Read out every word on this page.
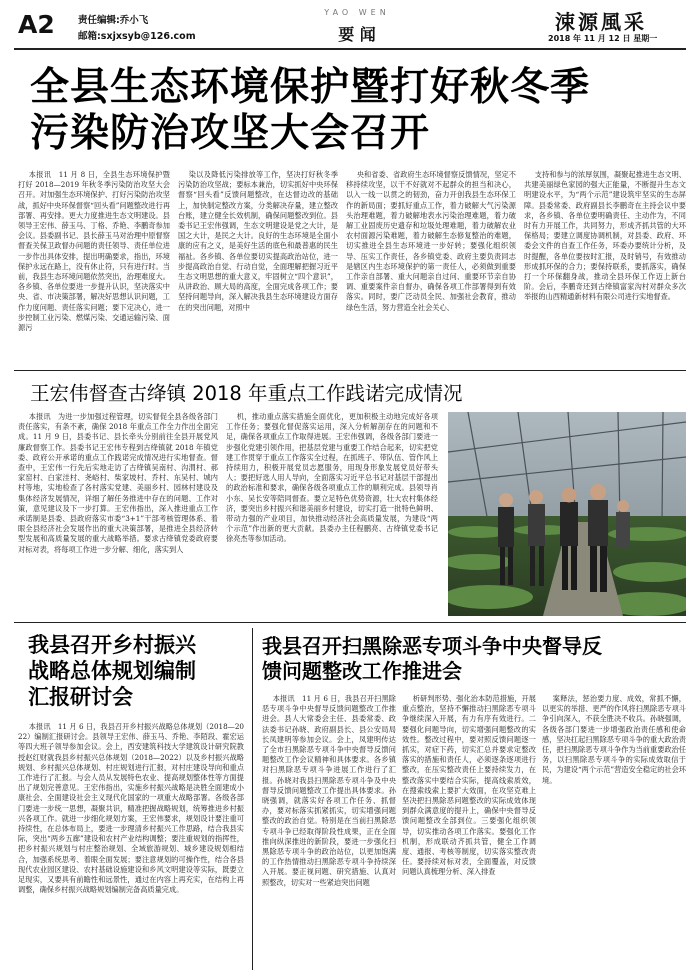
A2 责任编辑:乔小飞
邮箱:sxjxsyb@126.com
YAO WEN
要 闻
涑源風采
2018 年 11 月 12 日 星期一
全县生态环境保护暨打好秋冬季
污染防治攻坚大会召开

本报讯　11 月 8 日，全县生态环境保护暨打好 2018—2019 年秋冬季污染防治攻坚大会召开。对加强生态环境保护、打好污染防治攻坚战，抓好中央环保督察“回头看”问题整改进行再部署、再安排。更大力度推进生态文明建设。县领导王宏伟、薛玉马、丁格、乔艳、李鹏奇参加会议。县委副书记、县长薛玉马对治理中原督察督查关保卫政督办问题的责任领导、责任单位进一步作出具体安排，提出明确要求，指出，环境保护永远在路上，没有休止符，只有进行时。当前，我县生态环境问题依然突出，治理难度大。各乡镇、各单位要进一步提升认识，坚决落实中央、省、市决策部署，解决好思想认识问题，工作力度问题、责任落实问题；要下定决心，进一步控制工业污染、燃煤污染、交通运输污染、面源污

染以及降低污染排放等工作，坚决打好秋冬季污染防治攻坚战；要标本兼治，切实抓好中央环保督察“回头看”反馈问题整改，在达督边改的基础上，加快制定整改方案，分类解决存量，建立整改台账，建立健全长效机制，确保问题整改到位。县委书记王宏伟强调，生态文明建设是党之大计，是国之大计，是民之大计。良好的生态环境是全面小康的应有之义，是美好生活的底色和最普惠的民生福祉。各乡镇、各单位要切实提高政治站位，进一步提高政治自觉、行动自觉，全面理解把握习近平生态文明思想的重大意义，牢固树立“四个意识”，从讲政治、顾大局的高度，全面完成各项工作；要坚持问题导向，深入解决我县生态环境建设方面存在的突出问题，对照中

央和省委、省政府生态环境督察反馈情况，坚定不移持续攻坚，以干不好就对不起群众的担当和决心，以入一线一以贯之的韧劲，奋力开创我县生态环保工作的新局面；要抓好重点工作，着力破解大气污染源头治理难题，着力破解地表水污染治理难题，着力破解工业固废历史遗存和垃圾处理难题，着力破解农业农村面源污染难题，着力破解生态修复整治的难题，切实推进全县生态环境进一步好转；要强化组织领导、压实工作责任，各乡镇党委、政府主要负责同志是辖区内生态环境保护的第一责任人，必须做到重要工作亲自部署、重大问题亲自过问、重要环节亲自协调、重要案件亲自督办，确保各项工作部署得到有效落实。同时，要广泛动员全民、加强社会教育，推动绿色生活，努力营造全社会关心、

支持和参与的浓厚氛围，凝聚起推进生态文明、共建美丽绿色家园的强大正能量，不断提升生态文明建设水平，为“两个示范”建设筑牢坚实的生态屏障。县委常委、政府副县长李鹏奇在主持会议中要求，各乡镇、各单位要明确责任、主动作为，不同时有力开展工作，共同努力，形成齐抓共管的大环保格局；要建立调度协调机制，对县委、政府、环委会文件的自查工作任务，环委办要统计分析，及时提醒，各单位要按时汇报，及时销号，有效推动形成抓环保的合力；要保持联系，要抓落实，确保打一个环保翻身战，推动全县环保工作迈上新台阶。会后，李鹏奇还到古绛镇富家沟村对群众多次举报的山西精通新材料有限公司进行实地督查。

王宏伟督查古绛镇 2018 年重点工作践诺完成情况

本报讯　为进一步加强过程管理，切实督促全县各级各部门责任落实，有条不紊，确保 2018 年重点工作全力作出全面完成。11 月 9 日，县委书记、县长牵头分别前往全县开展党风廉政督察工作。县委书记王宏伟专程到古绛镇就 2018 年镇党委、政府公开承诺的重点工作践诺完成情况进行实地督查。督查中，王宏伟一行先后实地走访了古绛镇吴南村、沟渭村、郝家窑村、白家洼村、尧峪村、柴家坡村、乔村、东吴村、城内村等地，实地检查了各村落实党建、美丽乡村、园林村建设及集体经济发展情况，详细了解任务推进中存在的问题、工作对策，意见建议及下一步打算。王宏伟指出，深入推进重点工作承诺制是县委、县政府落实市委“3+1”干部考核管理体系、着眼全县经济社会发展作出的重大决策部署，是推进全县经济转型发展和高质量发展的重大战略举措。要求古绛镇党委政府要对标对表，将每项工作进一步分解、细化，落实到人

机，推动重点落实措施全面优化，更加积极主动地完成好各项工作任务；要强化督促落实运用，深入分析解剖存在的问题和不足，确保各项重点工作取得进展。王宏伟强调，各级各部门要进一步强化党建引领作用，把基层党建与重要工作结合起来，切实把党建工作贯穿于重点工作落实全过程，在抓班子、带队伍、管作风上持续用力，积极开展党员志愿服务，用现身形象发展党员好带头人；要把好选人用人导向，全面落实习近平总书记对基层干部提出的政治标准和要求，确保各级各项重点工作的顺利完成。县领导肖小东、吴长安等陪同督查。要立足特色优势资源，壮大农村集体经济，要突出乡村振兴和谐美丽乡村建设，切实打造一批特色鲜明、带动力强的产业项目，加快推动经济社会高质量发展，为建设“两个示范”作出新的更大贡献。县委办主任程鹏亮、古绛镇党委书记徐亮杰等参加活动。

我县召开乡村振兴
战略总体规划编制
汇报研讨会

本报讯　11 月 6 日，我县召开乡村振兴战略总体规划（2018—2022）编制汇报研讨会。县领导王宏伟、薛玉马、乔艳、李陌段、霍宏运等四大班子领导参加会议。会上，西安建筑科技大学建筑设计研究院教授赵红财就我县乡村振兴总体规划（2018—2022）以及乡村振兴战略规划、乡村振兴总体规划、村庄规划进行汇报，对村庄建设导向和重点工作进行了汇报。与会人员从发展特色农业、提高规划整体性等方面提出了规划完善意见。王宏伟指出，实施乡村振兴战略是决胜全面建成小康社会、全面建设社会主义现代化国家的一项重大战略部署。各级各部门要进一步统一思想，凝聚共识，精准把握战略规划，统筹推进乡村振兴各项工作。就进一步细化规划方案，王宏伟要求，规划设计要注重可持续性，在总体布局上，要进一步理清乡村振兴工作思路，结合我县实际，突出“两乡五廊”建设和农村产业结构调整；要注重规划的指挥性，把乡村振兴规划与村庄整治规划、全域旅游规划、城乡建设规划相结合，加强系统思考、着眼全面发展；要注意规划的可操作性，结合各县现代农业园区建设、农村基础设施建设和乡风文明建设等实际，既要立足现实，又要具有前瞻性和远景性，通过在内容上再充实，在结构上再调整，确保乡村振兴战略规划编制完备高质量完成。

我县召开扫黑除恶专项斗争中央督导反
馈问题整改工作推进会

本报讯　11 月 6 日，我县召开扫黑除恶专项斗争中央督导反馈问题整改工作推进会。县人大常委会主任、县委常委、政法委书记孙晓、政府副县长、县公安局局长凤建明等参加会议。会上，凤建明传达了全市扫黑除恶专项斗争中央督导反馈问题整改工作会议精神和具体要求。各乡镇对扫黑除恶专项斗争进展工作进行了汇报。孙晓对我县扫黑除恶专项斗争及中央督导反馈问题整改工作提出具体要求。孙晓强调，就落实好各项工作任务、抓督办，要对标落实抓紧抓实，切实增强问题整改的政治自觉。特别是在当前扫黑除恶专项斗争已经取得阶段性成果，正在全面推向纵深推进的新阶段，要进一步强化扫黑除恶专项斗争的政治站位，以更加饱满的工作热情推动扫黑除恶专项斗争持续深入开展。要正视问题、研究措施、认真对照整改，切实对一些紧迫突出问题

析研判形势、强化治本防范措施，开展重点整治，坚持不懈推动扫黑除恶专项斗争继续深入开展，有力有序有效进行。二要强化问题导向，切实增强问题整改的实效性。整改过程中，要对照反馈问题逐一抓实，对症下药，切实汇总并要求定整改落实的措施和责任人，必须逐条逐项进行整改，在压实整改责任上要持续发力，在整改落实中要结合实际，提高线索质效，在搜索线索上要扩大效面，在攻坚克难上坚决把扫黑除恶问题整改的实际成效体现到群众满意度的提升上，确保中央督导反馈问题整改全部到位。三要强化组织领导，切实推动各项工作落实。要强化工作机制，形成联动齐抓共管，健全工作调度、通报、考核等制度，切实落实整改责任。要持续对标对表，全面覆盖，对反馈问题认真梳理分析、深入排查

案释法，惩治要力度、成效，常抓不懈，以更实的举措、更严的作风将扫黑除恶专项斗争引向深入，不获全胜决不收兵。孙晓强调，各级各部门要进一步增强政治责任感和使命感，坚决扛起扫黑除恶专项斗争的重大政治责任，把扫黑除恶专项斗争作为当前重要政治任务，以扫黑除恶专项斗争的实际成效取信于民，为建设“两个示范”营造安全稳定的社会环境。
